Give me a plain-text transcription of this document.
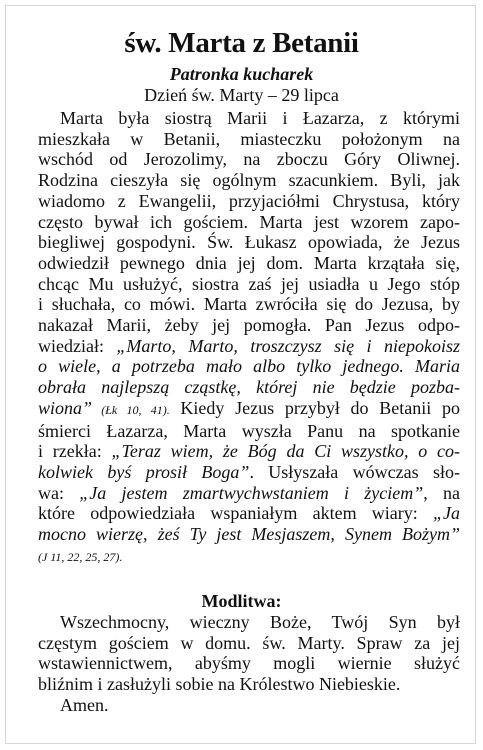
św. Marta z Betanii
Patronka kucharek
Dzień św. Marty – 29 lipca
Marta była siostrą Marii i Łazarza, z którymi
mieszkała w Betanii, miasteczku położonym na
wschód od Jerozolimy, na zboczu Góry Oliwnej.
Rodzina cieszyła się ogólnym szacunkiem. Byli, jak
wiadomo z Ewangelii, przyjaciółmi Chrystusa, który
często bywał ich gościem. Marta jest wzorem zapo-
biegliwej gospodyni. Św. Łukasz opowiada, że Jezus
odwiedził pewnego dnia jej dom. Marta krzątała się,
chcąc Mu usłużyć, siostra zaś jej usiadła u Jego stóp
i słuchała, co mówi. Marta zwróciła się do Jezusa, by
nakazał Marii, żeby jej pomogła. Pan Jezus odpo-
wiedział: „Marto, Marto, troszczysz się i niepokoisz
o wiele, a potrzeba mało albo tylko jednego. Maria
obrała najlepszą cząstkę, której nie będzie pozba-
wiona” (Łk 10, 41). Kiedy Jezus przybył do Betanii po
śmierci Łazarza, Marta wyszła Panu na spotkanie
i rzekła: „Teraz wiem, że Bóg da Ci wszystko, o co-
kolwiek byś prosił Boga”. Usłyszała wówczas sło-
wa: „Ja jestem zmartwychwstaniem i życiem”, na
które odpowiedziała wspaniałym aktem wiary: „Ja
mocno wierzę, żeś Ty jest Mesjaszem, Synem Bożym”
(J 11, 22, 25, 27).
Modlitwa:
Wszechmocny, wieczny Boże, Twój Syn był
częstym gościem w domu. św. Marty. Spraw za jej
wstawiennictwem, abyśmy mogli wiernie służyć
bliźnim i zasłużyli sobie na Królestwo Niebieskie.
Amen.
